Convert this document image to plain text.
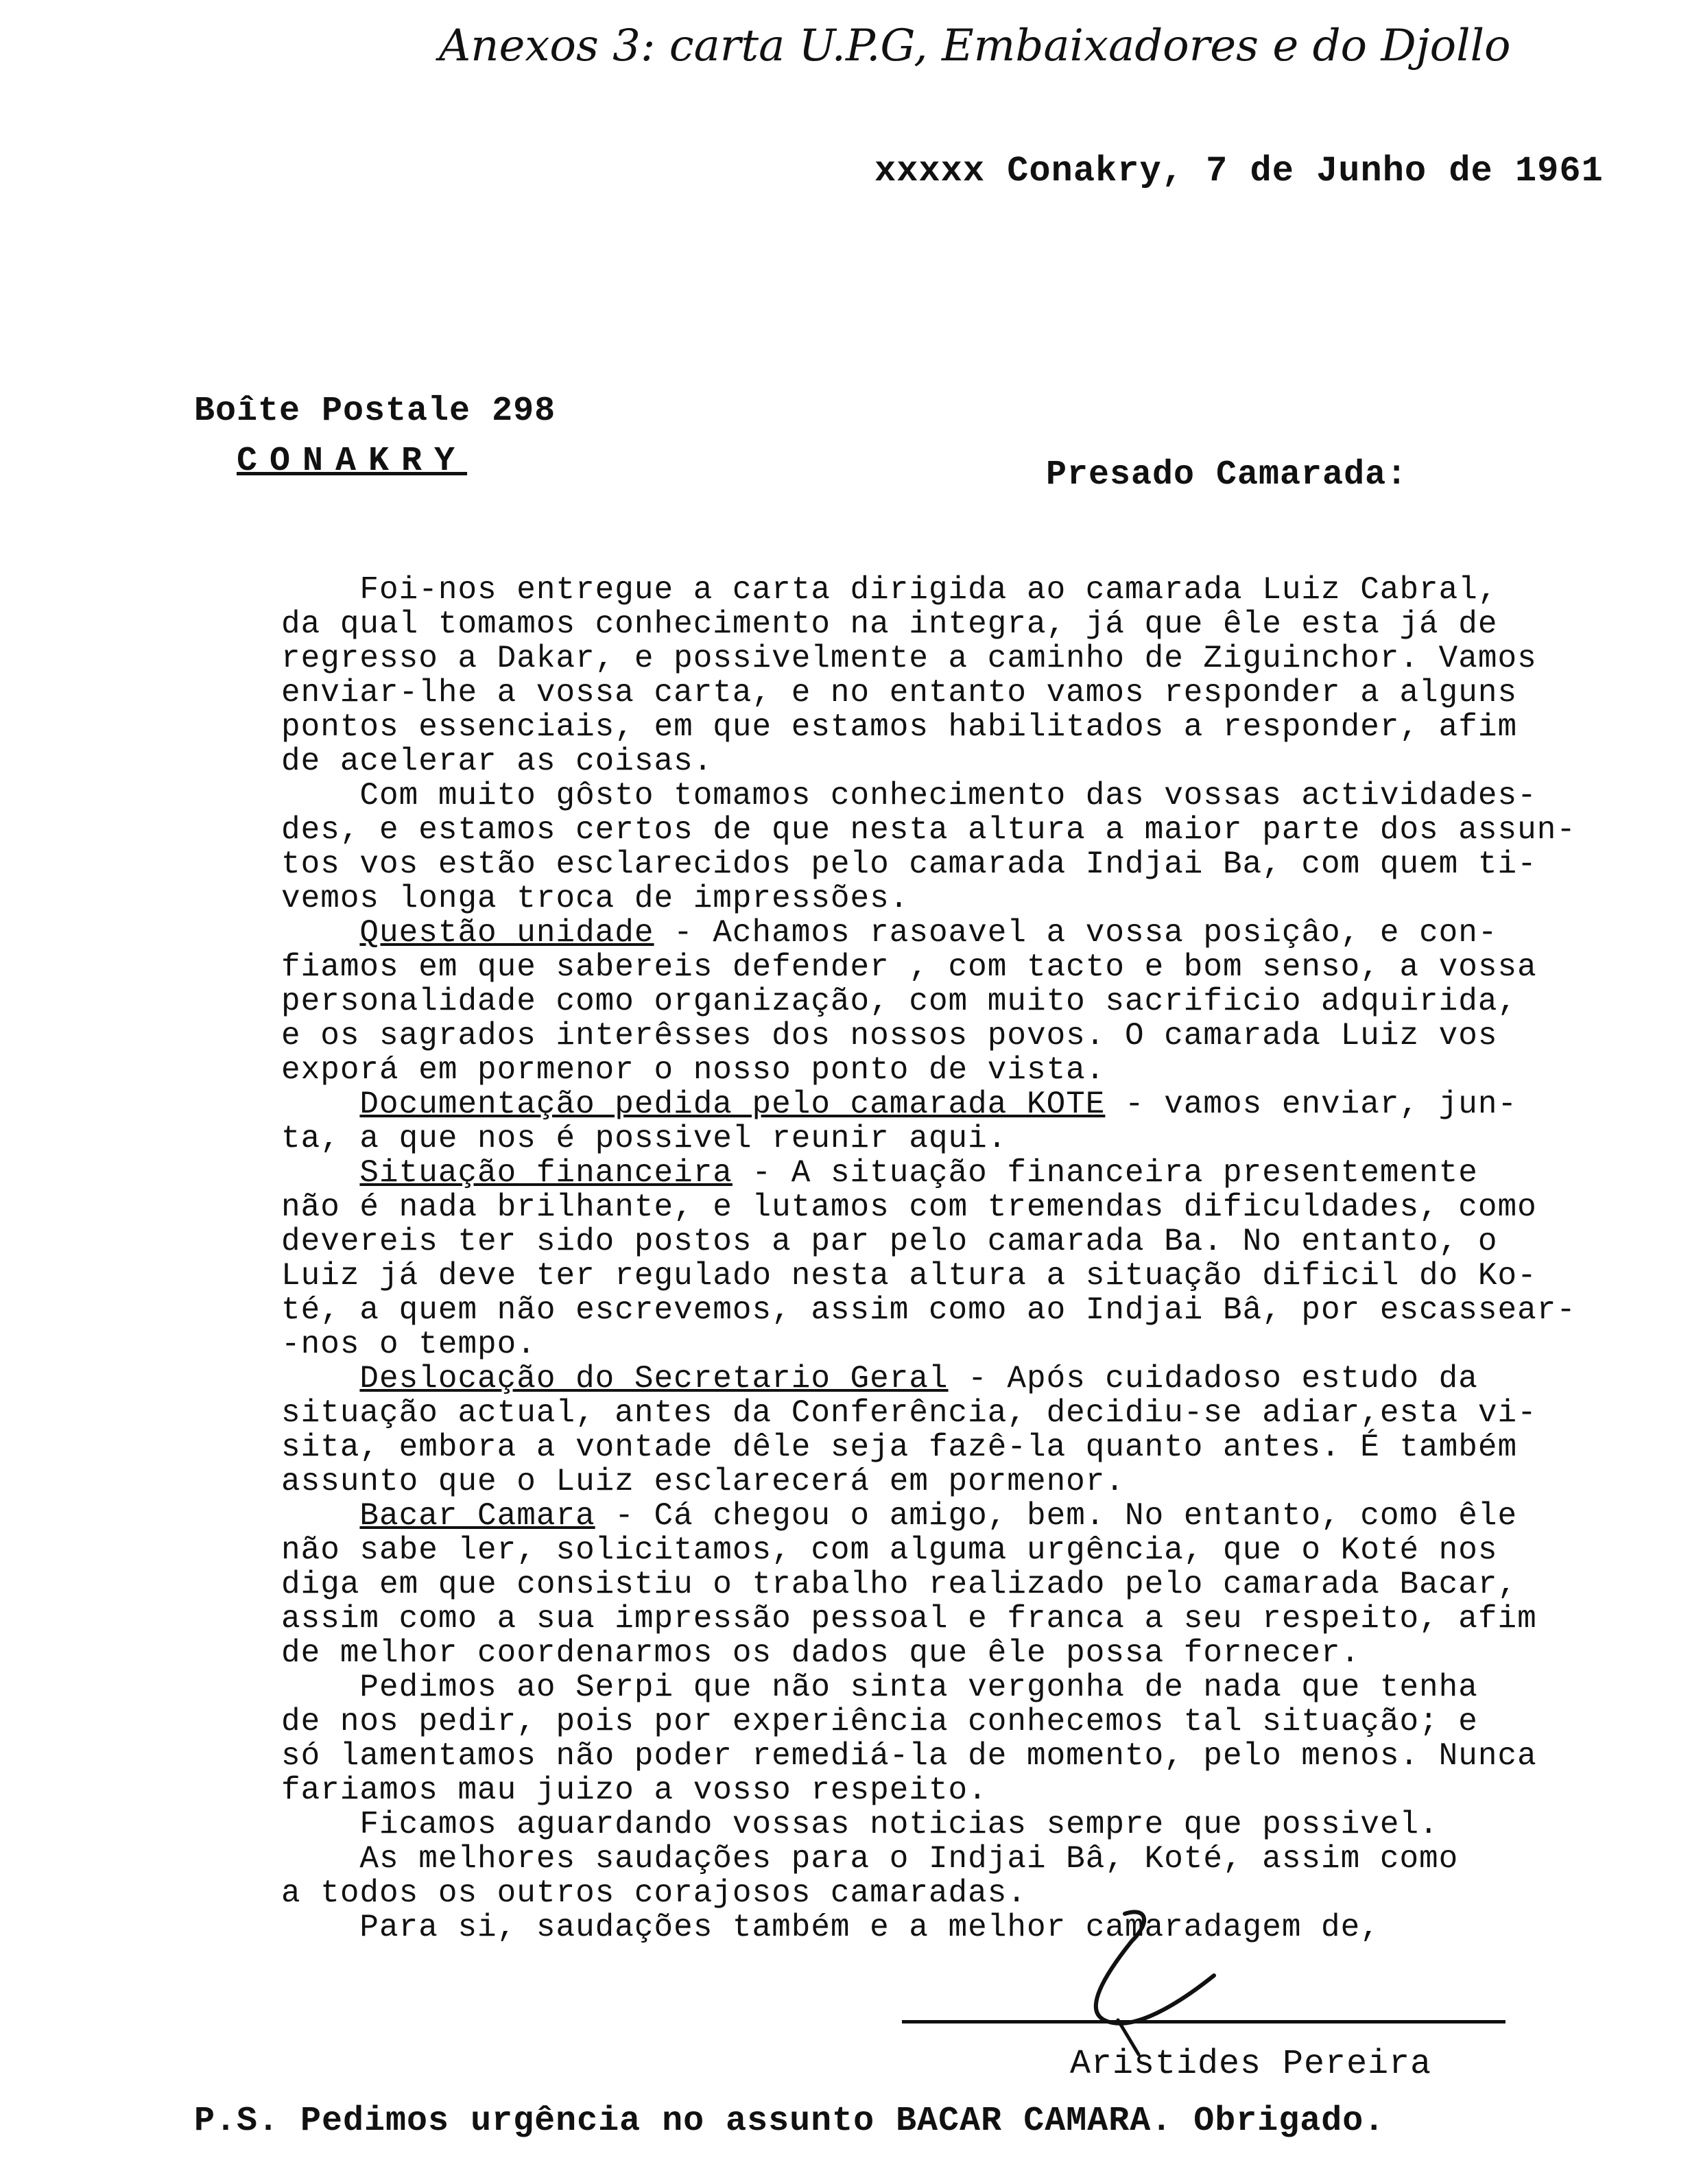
Anexos 3: carta U.P.G, Embaixadores e do Djollo
xxxxx Conakry, 7 de Junho de 1961
Boîte Postale 298
CONAKRY	Presado Camarada:
Foi-nos entregue a carta dirigida ao camarada Luiz Cabral,
da qual tomamos conhecimento na integra, já que êle esta já de
regresso a Dakar, e possivelmente a caminho de Ziguinchor. Vamos
enviar-lhe a vossa carta, e no entanto vamos responder a alguns
pontos essenciais, em que estamos habilitados a responder, afim
de acelerar as coisas.
Com muito gôsto tomamos conhecimento das vossas actividades-
des, e estamos certos de que nesta altura a maior parte dos assun-
tos vos estão esclarecidos pelo camarada Indjai Ba, com quem ti-
vemos longa troca de impressões.
Questão unidade - Achamos rasoavel a vossa posiçâo, e con-
fiamos em que sabereis defender , com tacto e bom senso, a vossa
personalidade como organização, com muito sacrificio adquirida,
e os sagrados interêsses dos nossos povos. O camarada Luiz vos
exporá em pormenor o nosso ponto de vista.
Documentação pedida pelo camarada KOTE - vamos enviar, jun-
ta, a que nos é possivel reunir aqui.
Situação financeira - A situação financeira presentemente
não é nada brilhante, e lutamos com tremendas dificuldades, como
devereis ter sido postos a par pelo camarada Ba. No entanto, o
Luiz já deve ter regulado nesta altura a situação dificil do Ko-
té, a quem não escrevemos, assim como ao Indjai Bâ, por escassear-
-nos o tempo.
Deslocação do Secretario Geral - Após cuidadoso estudo da
situação actual, antes da Conferência, decidiu-se adiar,esta vi-
sita, embora a vontade dêle seja fazê-la quanto antes. É também
assunto que o Luiz esclarecerá em pormenor.
Bacar Camara - Cá chegou o amigo, bem. No entanto, como êle
não sabe ler, solicitamos, com alguma urgência, que o Koté nos
diga em que consistiu o trabalho realizado pelo camarada Bacar,
assim como a sua impressão pessoal e franca a seu respeito, afim
de melhor coordenarmos os dados que êle possa fornecer.
Pedimos ao Serpi que não sinta vergonha de nada que tenha
de nos pedir, pois por experiência conhecemos tal situação; e
só lamentamos não poder remediá-la de momento, pelo menos. Nunca
fariamos mau juizo a vosso respeito.
Ficamos aguardando vossas noticias sempre que possivel.
As melhores saudações para o Indjai Bâ, Koté, assim como
a todos os outros corajosos camaradas.
Para si, saudações também e a melhor camaradagem de,
Aristides Pereira
P.S. Pedimos urgência no assunto BACAR CAMARA. Obrigado.
